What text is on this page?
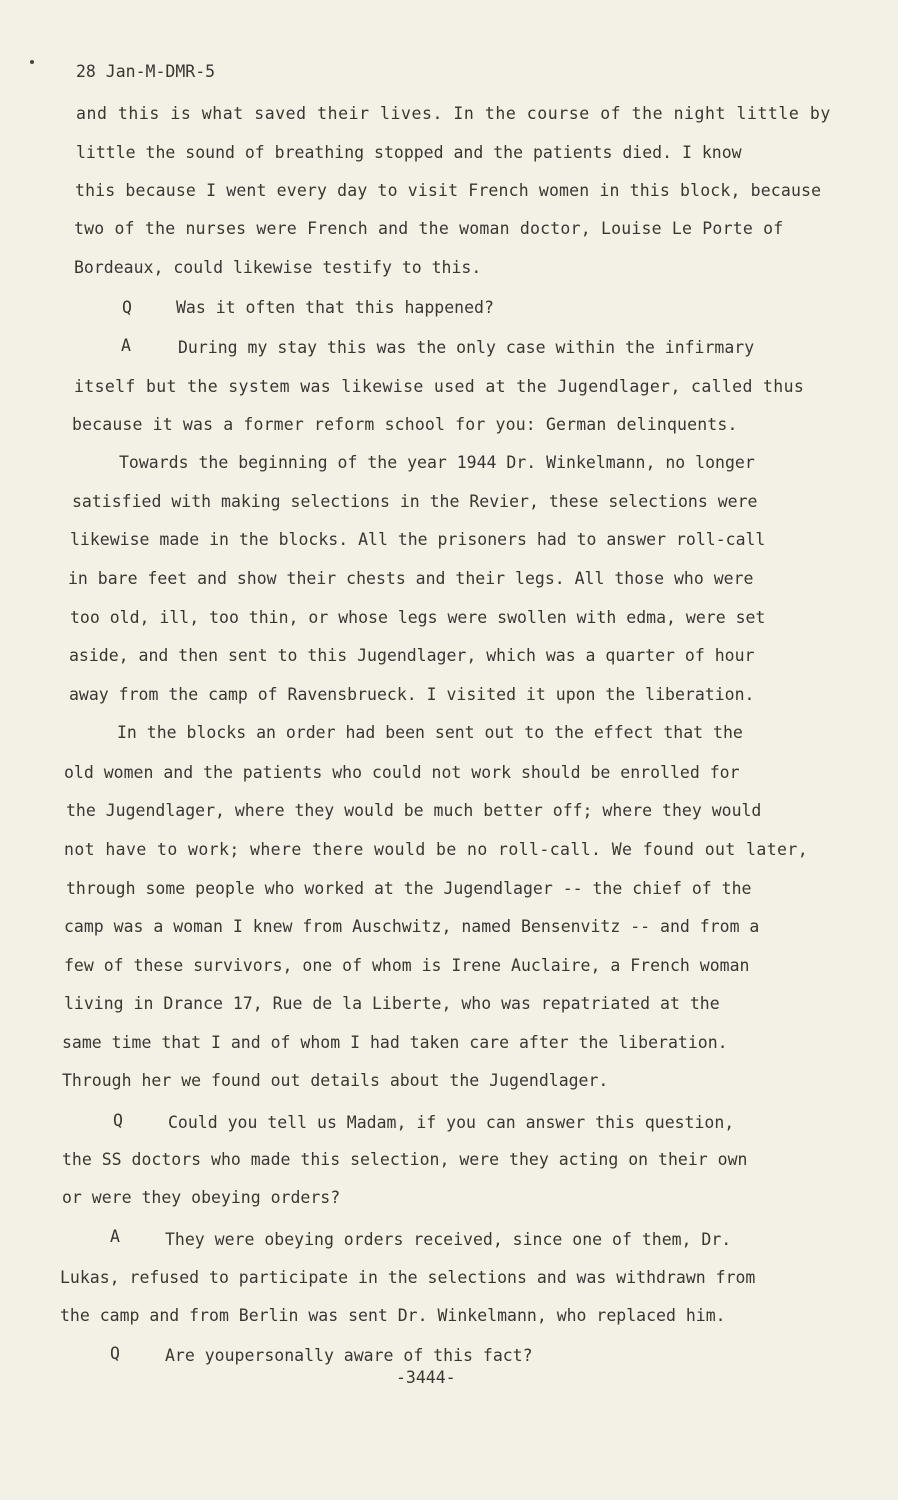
28 Jan-M-DMR-5
and this is what saved their lives. In the course of the night little by
little the sound of breathing stopped and the patients died. I know
this because I went every day to visit French women in this block, because
two of the nurses were French and the woman doctor, Louise Le Porte of
Bordeaux, could likewise testify to this.
Q	Was it often that this happened?
A	During my stay this was the only case within the infirmary
itself but the system was likewise used at the Jugendlager, called thus
because it was a former reform school for you: German delinquents.
Towards the beginning of the year 1944 Dr. Winkelmann, no longer
satisfied with making selections in the Revier, these selections were
likewise made in the blocks. All the prisoners had to answer roll-call
in bare feet and show their chests and their legs. All those who were
too old, ill, too thin, or whose legs were swollen with edma, were set
aside, and then sent to this Jugendlager, which was a quarter of hour
away from the camp of Ravensbrueck. I visited it upon the liberation.
In the blocks an order had been sent out to the effect that the
old women and the patients who could not work should be enrolled for
the Jugendlager, where they would be much better off; where they would
not have to work; where there would be no roll-call. We found out later,
through some people who worked at the Jugendlager -- the chief of the
camp was a woman I knew from Auschwitz, named Bensenvitz -- and from a
few of these survivors, one of whom is Irene Auclaire, a French woman
living in Drance 17, Rue de la Liberte, who was repatriated at the
same time that I and of whom I had taken care after the liberation.
Through her we found out details about the Jugendlager.
Q	Could you tell us Madam, if you can answer this question,
the SS doctors who made this selection, were they acting on their own
or were they obeying orders?
A	They were obeying orders received, since one of them, Dr.
Lukas, refused to participate in the selections and was withdrawn from
the camp and from Berlin was sent Dr. Winkelmann, who replaced him.
Q	Are youpersonally aware of this fact?
-3444-
